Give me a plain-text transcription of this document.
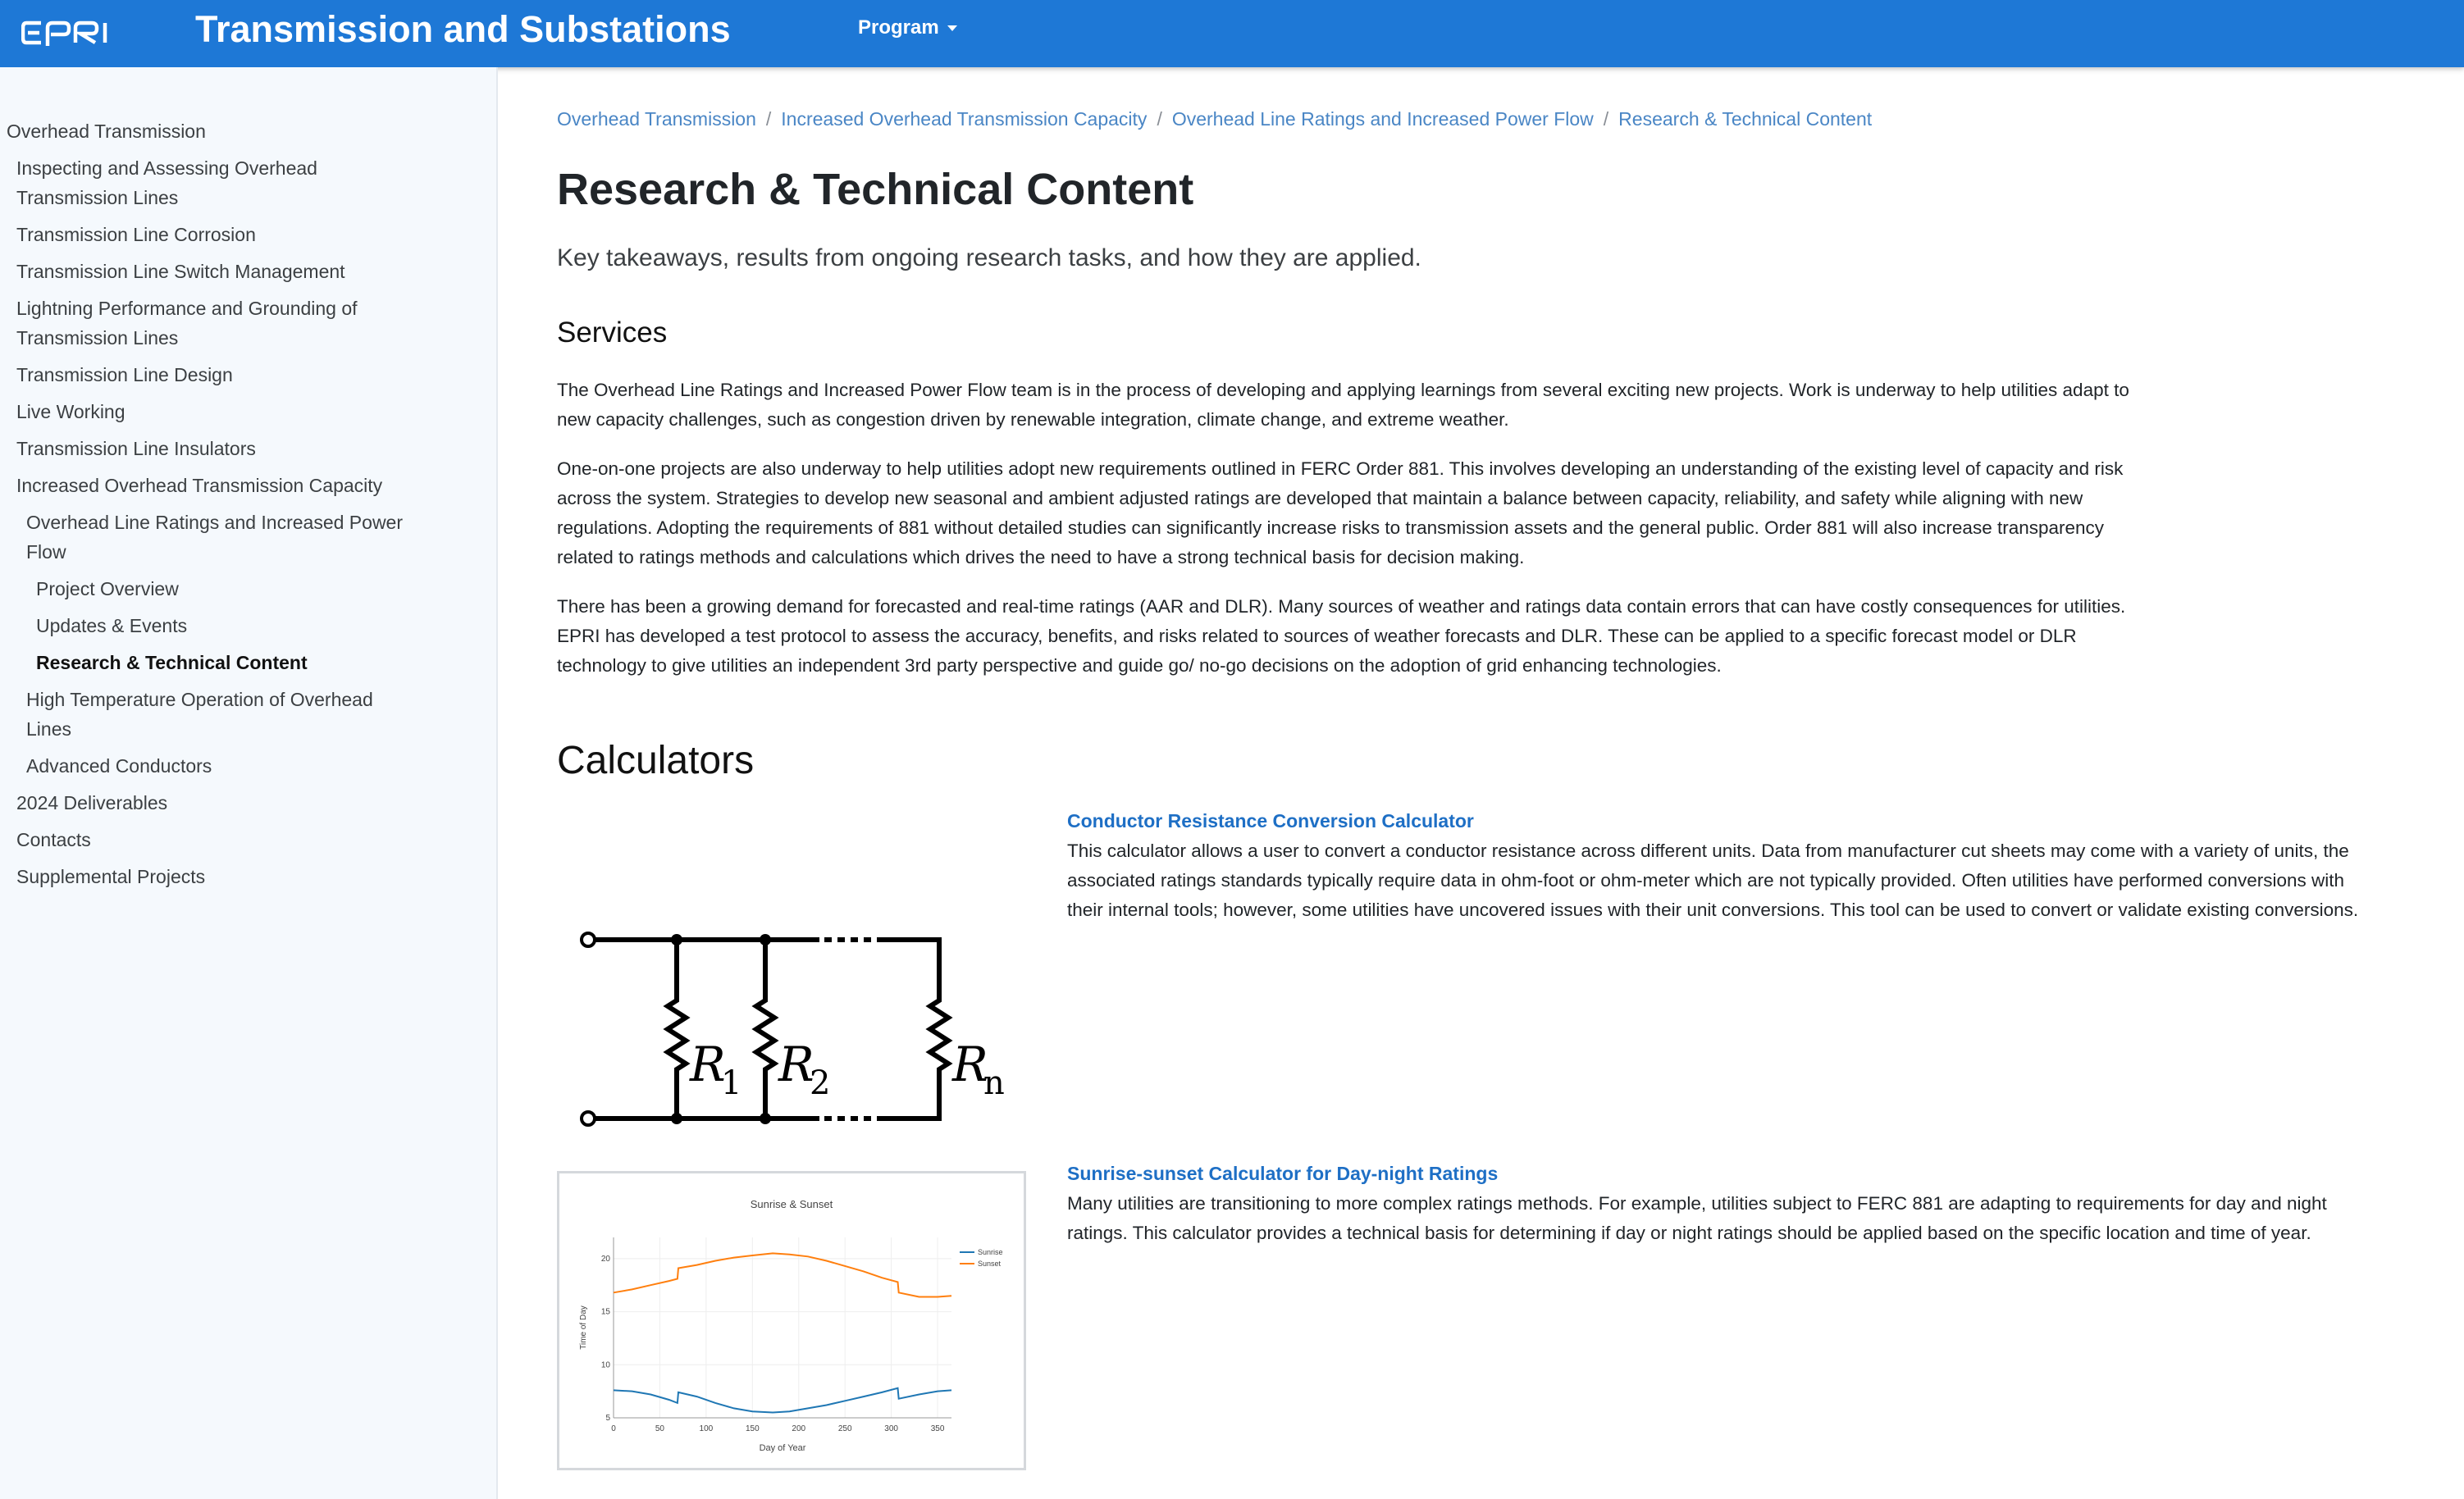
Transmission and Substations	Program
Overhead Transmission
Inspecting and Assessing Overhead Transmission Lines
Transmission Line Corrosion
Transmission Line Switch Management
Lightning Performance and Grounding of Transmission Lines
Transmission Line Design
Live Working
Transmission Line Insulators
Increased Overhead Transmission Capacity
Overhead Line Ratings and Increased Power Flow
Project Overview
Updates & Events
Research & Technical Content
High Temperature Operation of Overhead Lines
Advanced Conductors
2024 Deliverables
Contacts
Supplemental Projects
Overhead Transmission / Increased Overhead Transmission Capacity / Overhead Line Ratings and Increased Power Flow / Research & Technical Content
Research & Technical Content

Key takeaways, results from ongoing research tasks, and how they are applied.

Services

The Overhead Line Ratings and Increased Power Flow team is in the process of developing and applying learnings from several exciting new projects. Work is underway to help utilities adapt to new capacity challenges, such as congestion driven by renewable integration, climate change, and extreme weather.

One-on-one projects are also underway to help utilities adopt new requirements outlined in FERC Order 881. This involves developing an understanding of the existing level of capacity and risk across the system. Strategies to develop new seasonal and ambient adjusted ratings are developed that maintain a balance between capacity, reliability, and safety while aligning with new regulations. Adopting the requirements of 881 without detailed studies can significantly increase risks to transmission assets and the general public. Order 881 will also increase transparency related to ratings methods and calculations which drives the need to have a strong technical basis for decision making.

There has been a growing demand for forecasted and real-time ratings (AAR and DLR). Many sources of weather and ratings data contain errors that can have costly consequences for utilities. EPRI has developed a test protocol to assess the accuracy, benefits, and risks related to sources of weather forecasts and DLR. These can be applied to a specific forecast model or DLR technology to give utilities an independent 3rd party perspective and guide go/ no-go decisions on the adoption of grid enhancing technologies.

Calculators
R R	R
1 2	n
Conductor Resistance Conversion Calculator

This calculator allows a user to convert a conductor resistance across different units. Data from manufacturer cut sheets may come with a variety of units, the associated ratings standards typically require data in ohm-foot or ohm-meter which are not typically provided. Often utilities have performed conversions with their internal tools; however, some utilities have uncovered issues with their unit conversions. This tool can be used to convert or validate existing conversions.

0	50	100	150	200	250	300	350
5
10
15
20
Sunrise & Sunset
Day of Year
Time of Day
Sunrise
Sunset
Sunrise-sunset Calculator for Day-night Ratings

Many utilities are transitioning to more complex ratings methods. For example, utilities subject to FERC 881 are adapting to requirements for day and night ratings. This calculator provides a technical basis for determining if day or night ratings should be applied based on the specific location and time of year.
